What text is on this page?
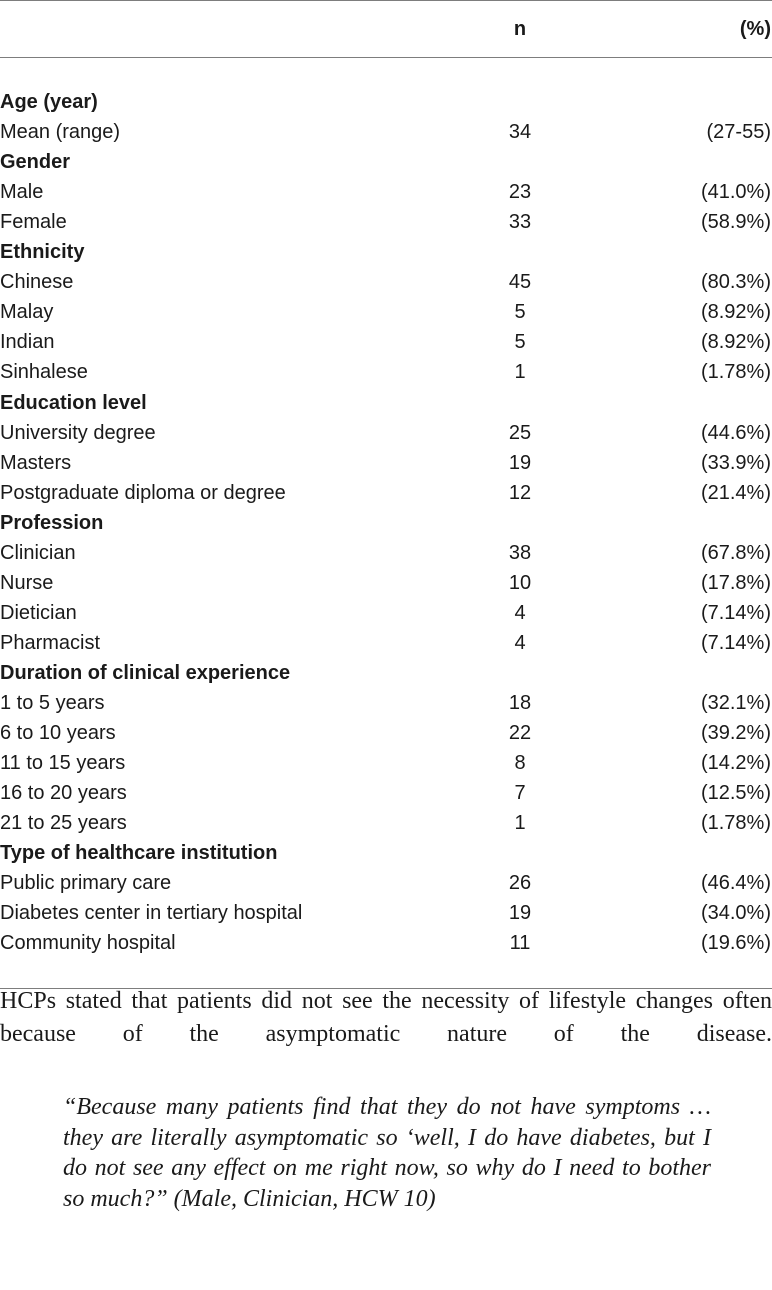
	n	(%)

Age (year)		
Mean (range)	34	(27-55)
Gender		
Male	23	(41.0%)
Female	33	(58.9%)
Ethnicity		
Chinese	45	(80.3%)
Malay	5	(8.92%)
Indian	5	(8.92%)
Sinhalese	1	(1.78%)
Education level		
University degree	25	(44.6%)
Masters	19	(33.9%)
Postgraduate diploma or degree	12	(21.4%)
Profession		
Clinician	38	(67.8%)
Nurse	10	(17.8%)
Dietician	4	(7.14%)
Pharmacist	4	(7.14%)
Duration of clinical experience		
1 to 5 years	18	(32.1%)
6 to 10 years	22	(39.2%)
11 to 15 years	8	(14.2%)
16 to 20 years	7	(12.5%)
21 to 25 years	1	(1.78%)
Type of healthcare institution		
Public primary care	26	(46.4%)
Diabetes center in tertiary hospital	19	(34.0%)
Community hospital	11	(19.6%)

HCPs stated that patients did not see the necessity of lifestyle changes often because of the asymptomatic nature of the disease.

“Because many patients find that they do not have symptoms … they are literally asymptomatic so ‘well, I do have diabetes, but I do not see any effect on me right now, so why do I need to bother so much?” (Male, Clinician, HCW 10)
